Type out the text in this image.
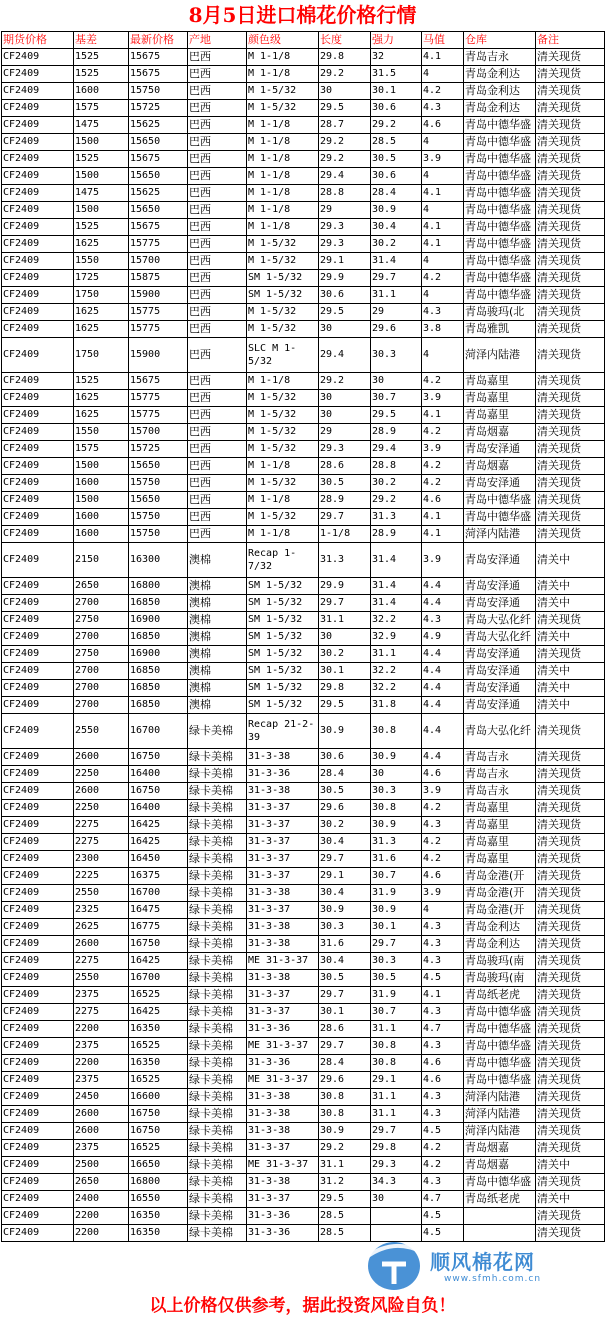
8月5日进口棉花价格行情
期货价格	基差	最新价格	产地	颜色级	长度	强力	马值	仓库	备注
CF2409	1525	15675	巴西	M 1-1/8	29.8	32	4.1	青岛吉永	清关现货
CF2409	1525	15675	巴西	M 1-1/8	29.2	31.5	4	青岛金利达	清关现货
CF2409	1600	15750	巴西	M 1-5/32	30	30.1	4.2	青岛金利达	清关现货
CF2409	1575	15725	巴西	M 1-5/32	29.5	30.6	4.3	青岛金利达	清关现货
CF2409	1475	15625	巴西	M 1-1/8	28.7	29.2	4.6	青岛中德华盛	清关现货
CF2409	1500	15650	巴西	M 1-1/8	29.2	28.5	4	青岛中德华盛	清关现货
CF2409	1525	15675	巴西	M 1-1/8	29.2	30.5	3.9	青岛中德华盛	清关现货
CF2409	1500	15650	巴西	M 1-1/8	29.4	30.6	4	青岛中德华盛	清关现货
CF2409	1475	15625	巴西	M 1-1/8	28.8	28.4	4.1	青岛中德华盛	清关现货
CF2409	1500	15650	巴西	M 1-1/8	29	30.9	4	青岛中德华盛	清关现货
CF2409	1525	15675	巴西	M 1-1/8	29.3	30.4	4.1	青岛中德华盛	清关现货
CF2409	1625	15775	巴西	M 1-5/32	29.3	30.2	4.1	青岛中德华盛	清关现货
CF2409	1550	15700	巴西	M 1-5/32	29.1	31.4	4	青岛中德华盛	清关现货
CF2409	1725	15875	巴西	SM 1-5/32	29.9	29.7	4.2	青岛中德华盛	清关现货
CF2409	1750	15900	巴西	SM 1-5/32	30.6	31.1	4	青岛中德华盛	清关现货
CF2409	1625	15775	巴西	M 1-5/32	29.5	29	4.3	青岛骏玛(北	清关现货
CF2409	1625	15775	巴西	M 1-5/32	30	29.6	3.8	青岛雅凯	清关现货
CF2409	1750	15900	巴西	SLC M 1-5/32	29.4	30.3	4	菏泽内陆港	清关现货
CF2409	1525	15675	巴西	M 1-1/8	29.2	30	4.2	青岛嘉里	清关现货
CF2409	1625	15775	巴西	M 1-5/32	30	30.7	3.9	青岛嘉里	清关现货
CF2409	1625	15775	巴西	M 1-5/32	30	29.5	4.1	青岛嘉里	清关现货
CF2409	1550	15700	巴西	M 1-5/32	29	28.9	4.2	青岛烟嘉	清关现货
CF2409	1575	15725	巴西	M 1-5/32	29.3	29.4	3.9	青岛安泽通	清关现货
CF2409	1500	15650	巴西	M 1-1/8	28.6	28.8	4.2	青岛烟嘉	清关现货
CF2409	1600	15750	巴西	M 1-5/32	30.5	30.2	4.2	青岛安泽通	清关现货
CF2409	1500	15650	巴西	M 1-1/8	28.9	29.2	4.6	青岛中德华盛	清关现货
CF2409	1600	15750	巴西	M 1-5/32	29.7	31.3	4.1	青岛中德华盛	清关现货
CF2409	1600	15750	巴西	M 1-1/8	1-1/8	28.9	4.1	菏泽内陆港	清关现货
CF2409	2150	16300	澳棉	Recap 1-7/32	31.3	31.4	3.9	青岛安泽通	清关中
CF2409	2650	16800	澳棉	SM 1-5/32	29.9	31.4	4.4	青岛安泽通	清关中
CF2409	2700	16850	澳棉	SM 1-5/32	29.7	31.4	4.4	青岛安泽通	清关中
CF2409	2750	16900	澳棉	SM 1-5/32	31.1	32.2	4.3	青岛大弘化纤	清关现货
CF2409	2700	16850	澳棉	SM 1-5/32	30	32.9	4.9	青岛大弘化纤	清关中
CF2409	2750	16900	澳棉	SM 1-5/32	30.2	31.1	4.4	青岛安泽通	清关现货
CF2409	2700	16850	澳棉	SM 1-5/32	30.1	32.2	4.4	青岛安泽通	清关中
CF2409	2700	16850	澳棉	SM 1-5/32	29.8	32.2	4.4	青岛安泽通	清关中
CF2409	2700	16850	澳棉	SM 1-5/32	29.5	31.8	4.4	青岛安泽通	清关中
CF2409	2550	16700	绿卡美棉	Recap 21-2-39	30.9	30.8	4.4	青岛大弘化纤	清关现货
CF2409	2600	16750	绿卡美棉	31-3-38	30.6	30.9	4.4	青岛吉永	清关现货
CF2409	2250	16400	绿卡美棉	31-3-36	28.4	30	4.6	青岛吉永	清关现货
CF2409	2600	16750	绿卡美棉	31-3-38	30.5	30.3	3.9	青岛吉永	清关现货
CF2409	2250	16400	绿卡美棉	31-3-37	29.6	30.8	4.2	青岛嘉里	清关现货
CF2409	2275	16425	绿卡美棉	31-3-37	30.2	30.9	4.3	青岛嘉里	清关现货
CF2409	2275	16425	绿卡美棉	31-3-37	30.4	31.3	4.2	青岛嘉里	清关现货
CF2409	2300	16450	绿卡美棉	31-3-37	29.7	31.6	4.2	青岛嘉里	清关现货
CF2409	2225	16375	绿卡美棉	31-3-37	29.1	30.7	4.6	青岛金港(开	清关现货
CF2409	2550	16700	绿卡美棉	31-3-38	30.4	31.9	3.9	青岛金港(开	清关现货
CF2409	2325	16475	绿卡美棉	31-3-37	30.9	30.9	4	青岛金港(开	清关现货
CF2409	2625	16775	绿卡美棉	31-3-38	30.3	30.1	4.3	青岛金利达	清关现货
CF2409	2600	16750	绿卡美棉	31-3-38	31.6	29.7	4.3	青岛金利达	清关现货
CF2409	2275	16425	绿卡美棉	ME 31-3-37	30.4	30.3	4.3	青岛骏玛(南	清关现货
CF2409	2550	16700	绿卡美棉	31-3-38	30.5	30.5	4.5	青岛骏玛(南	清关现货
CF2409	2375	16525	绿卡美棉	31-3-37	29.7	31.9	4.1	青岛纸老虎	清关现货
CF2409	2275	16425	绿卡美棉	31-3-37	30.1	30.7	4.3	青岛中德华盛	清关现货
CF2409	2200	16350	绿卡美棉	31-3-36	28.6	31.1	4.7	青岛中德华盛	清关现货
CF2409	2375	16525	绿卡美棉	ME 31-3-37	29.7	30.8	4.3	青岛中德华盛	清关现货
CF2409	2200	16350	绿卡美棉	31-3-36	28.4	30.8	4.6	青岛中德华盛	清关现货
CF2409	2375	16525	绿卡美棉	ME 31-3-37	29.6	29.1	4.6	青岛中德华盛	清关现货
CF2409	2450	16600	绿卡美棉	31-3-38	30.8	31.1	4.3	菏泽内陆港	清关现货
CF2409	2600	16750	绿卡美棉	31-3-38	30.8	31.1	4.3	菏泽内陆港	清关现货
CF2409	2600	16750	绿卡美棉	31-3-38	30.9	29.7	4.5	菏泽内陆港	清关现货
CF2409	2375	16525	绿卡美棉	31-3-37	29.2	29.8	4.2	青岛烟嘉	清关现货
CF2409	2500	16650	绿卡美棉	ME 31-3-37	31.1	29.3	4.2	青岛烟嘉	清关中
CF2409	2650	16800	绿卡美棉	31-3-38	31.2	34.3	4.3	青岛中德华盛	清关现货
CF2409	2400	16550	绿卡美棉	31-3-37	29.5	30	4.7	青岛纸老虎	清关中
CF2409	2200	16350	绿卡美棉	31-3-36	28.5		4.5		清关现货
CF2409	2200	16350	绿卡美棉	31-3-36	28.5		4.5		清关现货
顺风棉花网
www.sfmh.com.cn
以上价格仅供参考，据此投资风险自负！
